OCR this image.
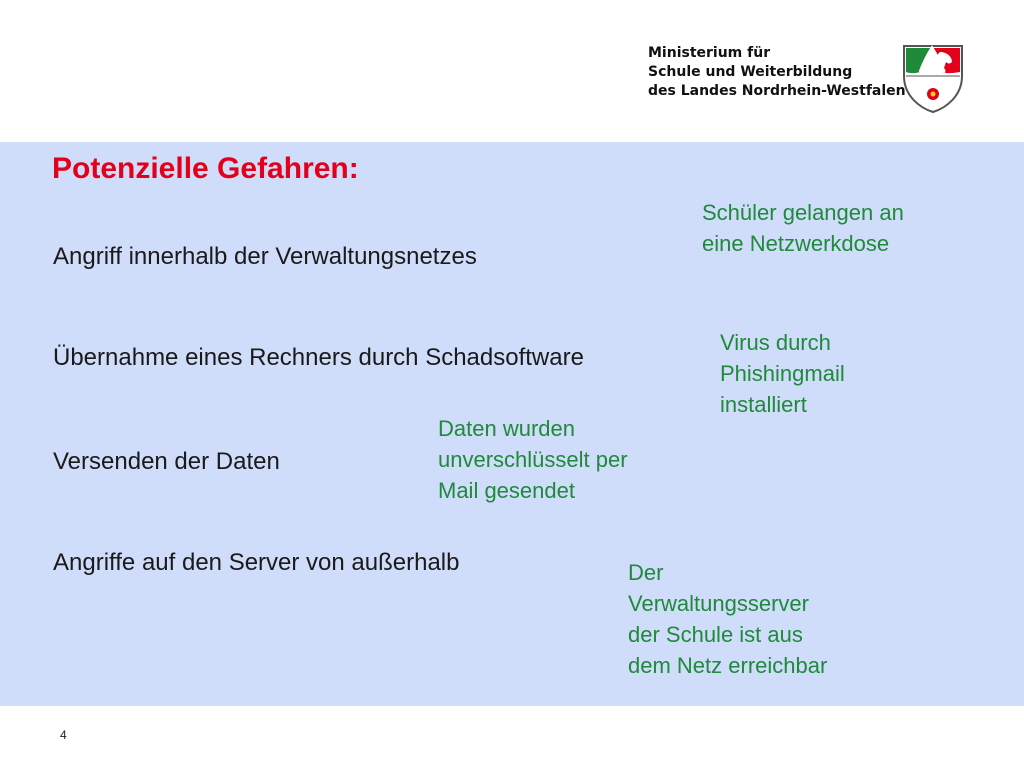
Ministerium für
Schule und Weiterbildung
des Landes Nordrhein-Westfalen
Potenzielle Gefahren:
Angriff innerhalb der Verwaltungsnetzes
Übernahme eines Rechners durch Schadsoftware
Versenden der Daten
Angriffe auf den Server von außerhalb
Schüler gelangen an
eine Netzwerkdose
Virus durch
Phishingmail
installiert
Daten wurden
unverschlüsselt per
Mail gesendet
Der
Verwaltungsserver
der Schule ist aus
dem Netz erreichbar
4
